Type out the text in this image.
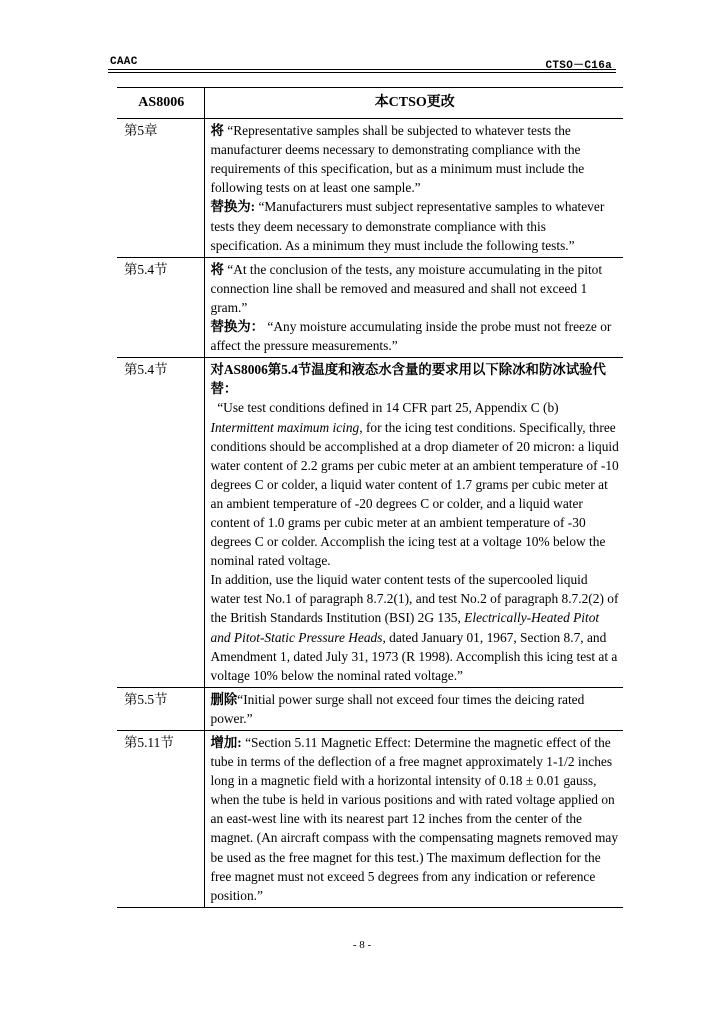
CAAC	CTSO－C16a
AS8006	本CTSO更改
第5章	将 “Representative samples shall be subjected to whatever tests the manufacturer deems necessary to demonstrating compliance with the requirements of this specification, but as a minimum must include the following tests on at least one sample.”

替换为: “Manufacturers must subject representative samples to whatever tests they deem necessary to demonstrate compliance with this specification. As a minimum they must include the following tests.”

第5.4节	将 “At the conclusion of the tests, any moisture accumulating in the pitot connection line shall be removed and measured and shall not exceed 1 gram.”

替换为： “Any moisture accumulating inside the probe must not freeze or affect the pressure measurements.”

第5.4节	对AS8006第5.4节温度和液态水含量的要求用以下除冰和防冰试验代替：

“Use test conditions defined in 14 CFR part 25, Appendix C (b) Intermittent maximum icing, for the icing test conditions. Specifically, three conditions should be accomplished at a drop diameter of 20 micron: a liquid water content of 2.2 grams per cubic meter at an ambient temperature of -10 degrees C or colder, a liquid water content of 1.7 grams per cubic meter at an ambient temperature of -20 degrees C or colder, and a liquid water content of 1.0 grams per cubic meter at an ambient temperature of -30 degrees C or colder. Accomplish the icing test at a voltage 10% below the nominal rated voltage.

In addition, use the liquid water content tests of the supercooled liquid water test No.1 of paragraph 8.7.2(1), and test No.2 of paragraph 8.7.2(2) of the British Standards Institution (BSI) 2G 135, Electrically-Heated Pitot and Pitot-Static Pressure Heads, dated January 01, 1967, Section 8.7, and Amendment 1, dated July 31, 1973 (R 1998). Accomplish this icing test at a voltage 10% below the nominal rated voltage.”

第5.5节	删除“Initial power surge shall not exceed four times the deicing rated power.”

第5.11节	增加: “Section 5.11 Magnetic Effect: Determine the magnetic effect of the tube in terms of the deflection of a free magnet approximately 1-1/2 inches long in a magnetic field with a horizontal intensity of 0.18 ± 0.01 gauss, when the tube is held in various positions and with rated voltage applied on an east-west line with its nearest part 12 inches from the center of the magnet. (An aircraft compass with the compensating magnets removed may be used as the free magnet for this test.) The maximum deflection for the free magnet must not exceed 5 degrees from any indication or reference position.”

- 8 -
